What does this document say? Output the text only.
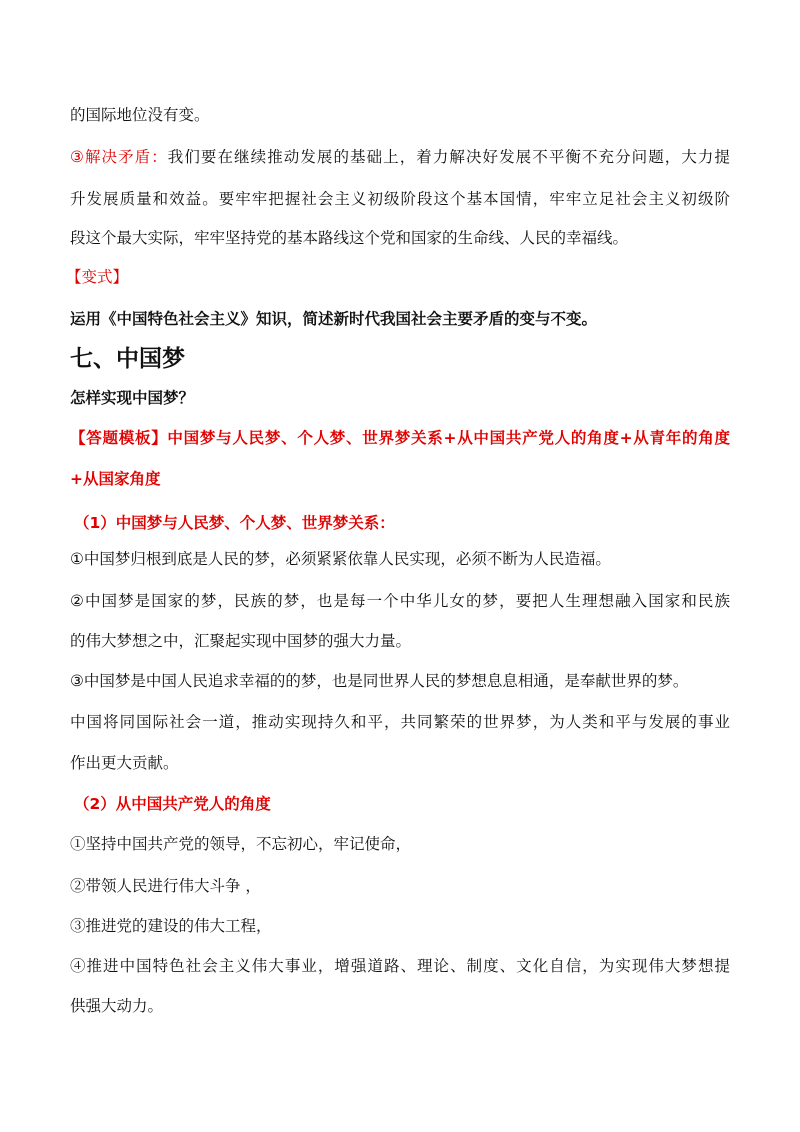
的国际地位没有变。

③解决矛盾：我们要在继续推动发展的基础上，着力解决好发展不平衡不充分问题，大力提

升发展质量和效益。要牢牢把握社会主义初级阶段这个基本国情，牢牢立足社会主义初级阶

段这个最大实际，牢牢坚持党的基本路线这个党和国家的生命线、人民的幸福线。

【变式】

运用《中国特色社会主义》知识，简述新时代我国社会主要矛盾的变与不变。

七、中国梦

怎样实现中国梦？

【答题模板】中国梦与人民梦、个人梦、世界梦关系+从中国共产党人的角度+从青年的角度

+从国家角度

（1）中国梦与人民梦、个人梦、世界梦关系：

①中国梦归根到底是人民的梦，必须紧紧依靠人民实现，必须不断为人民造福。

②中国梦是国家的梦，民族的梦，也是每一个中华儿女的梦，要把人生理想融入国家和民族

的伟大梦想之中，汇聚起实现中国梦的强大力量。

③中国梦是中国人民追求幸福的的梦，也是同世界人民的梦想息息相通，是奉献世界的梦。

中国将同国际社会一道，推动实现持久和平，共同繁荣的世界梦，为人类和平与发展的事业

作出更大贡献。

（2）从中国共产党人的角度

①坚持中国共产党的领导，不忘初心，牢记使命，

②带领人民进行伟大斗争 ，

③推进党的建设的伟大工程，

④推进中国特色社会主义伟大事业，增强道路、理论、制度、文化自信，为实现伟大梦想提

供强大动力。
